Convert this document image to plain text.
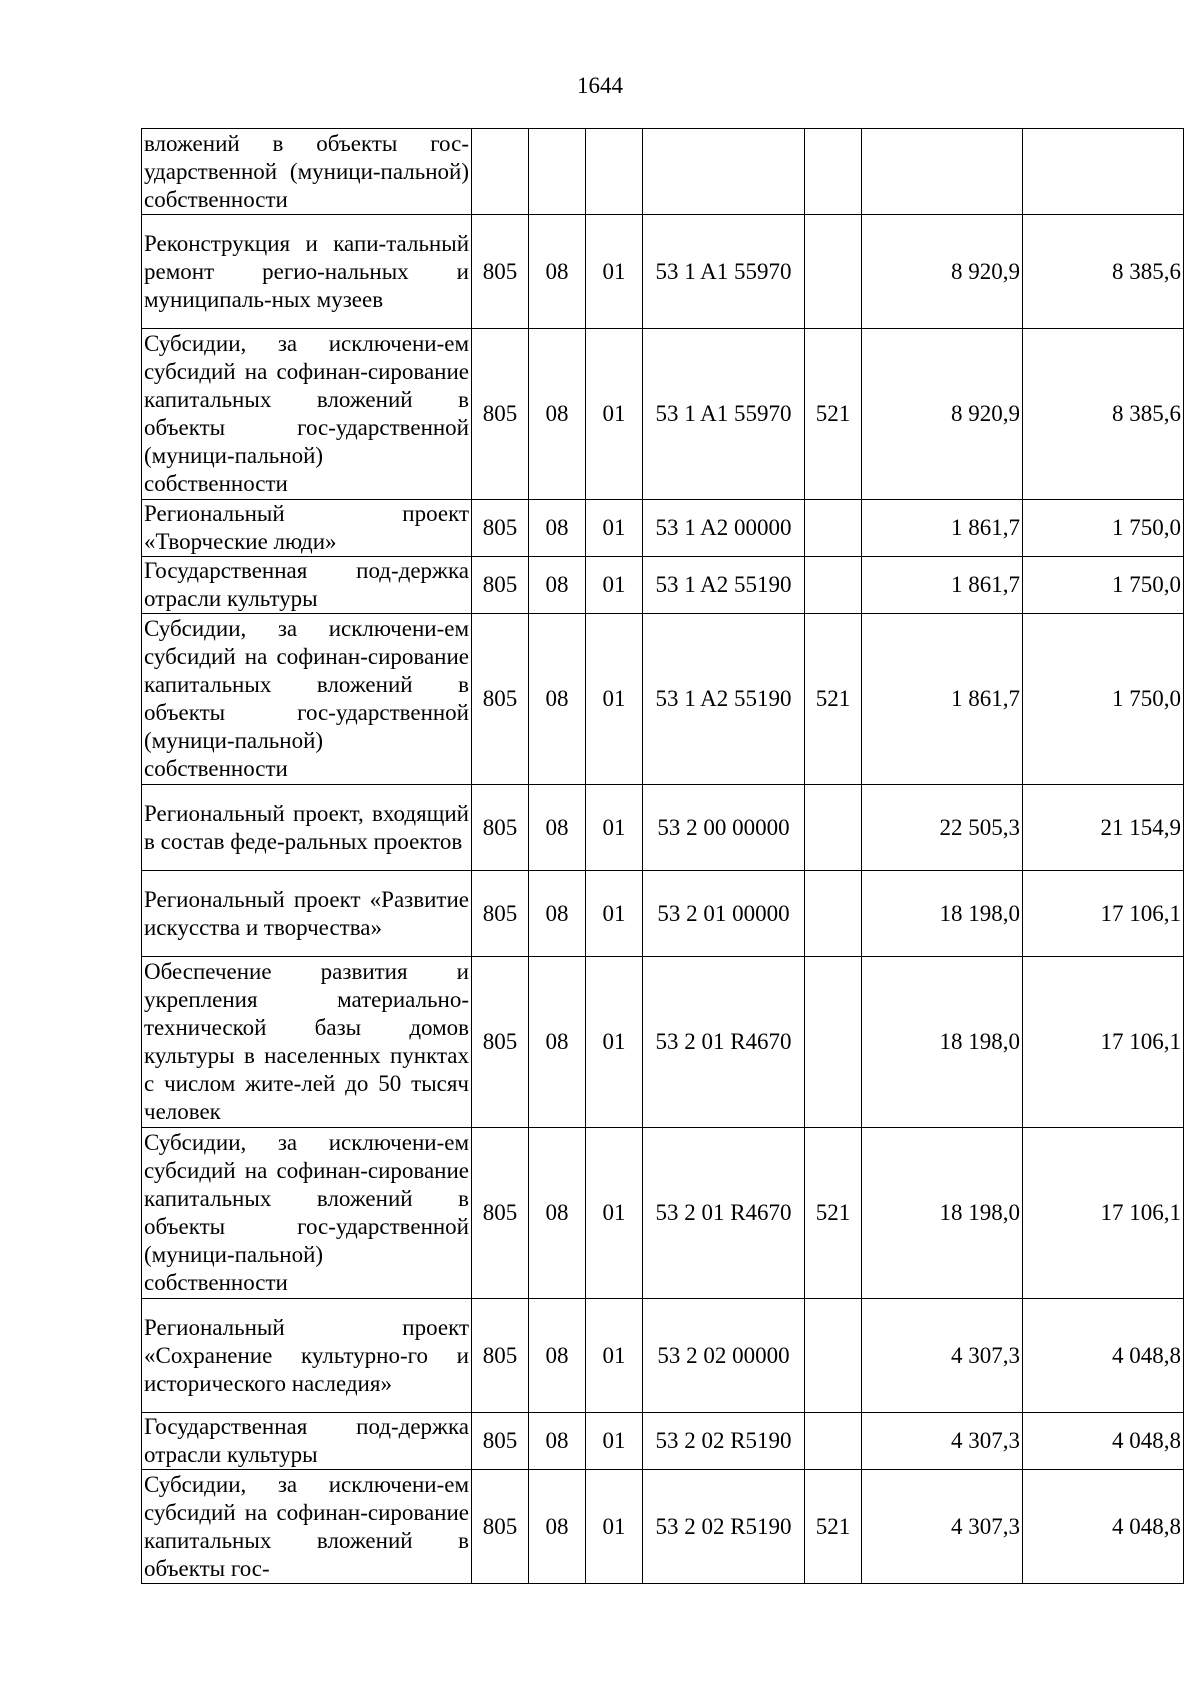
1644
вложений в объекты гос-ударственной (муници-пальной) собственности							
Реконструкция и капи-тальный ремонт регио-нальных и муниципаль-ных музеев	805	08	01	53 1 A1 55970		8 920,9	8 385,6
Субсидии, за исключени-ем субсидий на софинан-сирование капитальных вложений в объекты гос-ударственной (муници-пальной) собственности	805	08	01	53 1 A1 55970	521	8 920,9	8 385,6
Региональный проект «Творческие люди»	805	08	01	53 1 A2 00000		1 861,7	1 750,0
Государственная под-держка отрасли культуры	805	08	01	53 1 A2 55190		1 861,7	1 750,0
Субсидии, за исключени-ем субсидий на софинан-сирование капитальных вложений в объекты гос-ударственной (муници-пальной) собственности	805	08	01	53 1 A2 55190	521	1 861,7	1 750,0
Региональный проект, входящий в состав феде-ральных проектов	805	08	01	53 2 00 00000		22 505,3	21 154,9
Региональный проект «Развитие искусства и творчества»	805	08	01	53 2 01 00000		18 198,0	17 106,1
Обеспечение развития и укрепления материально-технической базы домов культуры в населенных пунктах с числом жите-лей до 50 тысяч человек	805	08	01	53 2 01 R4670		18 198,0	17 106,1
Субсидии, за исключени-ем субсидий на софинан-сирование капитальных вложений в объекты гос-ударственной (муници-пальной) собственности	805	08	01	53 2 01 R4670	521	18 198,0	17 106,1
Региональный проект «Сохранение культурно-го и исторического наследия»	805	08	01	53 2 02 00000		4 307,3	4 048,8
Государственная под-держка отрасли культуры	805	08	01	53 2 02 R5190		4 307,3	4 048,8
Субсидии, за исключени-ем субсидий на софинан-сирование капитальных вложений в объекты гос-	805	08	01	53 2 02 R5190	521	4 307,3	4 048,8
